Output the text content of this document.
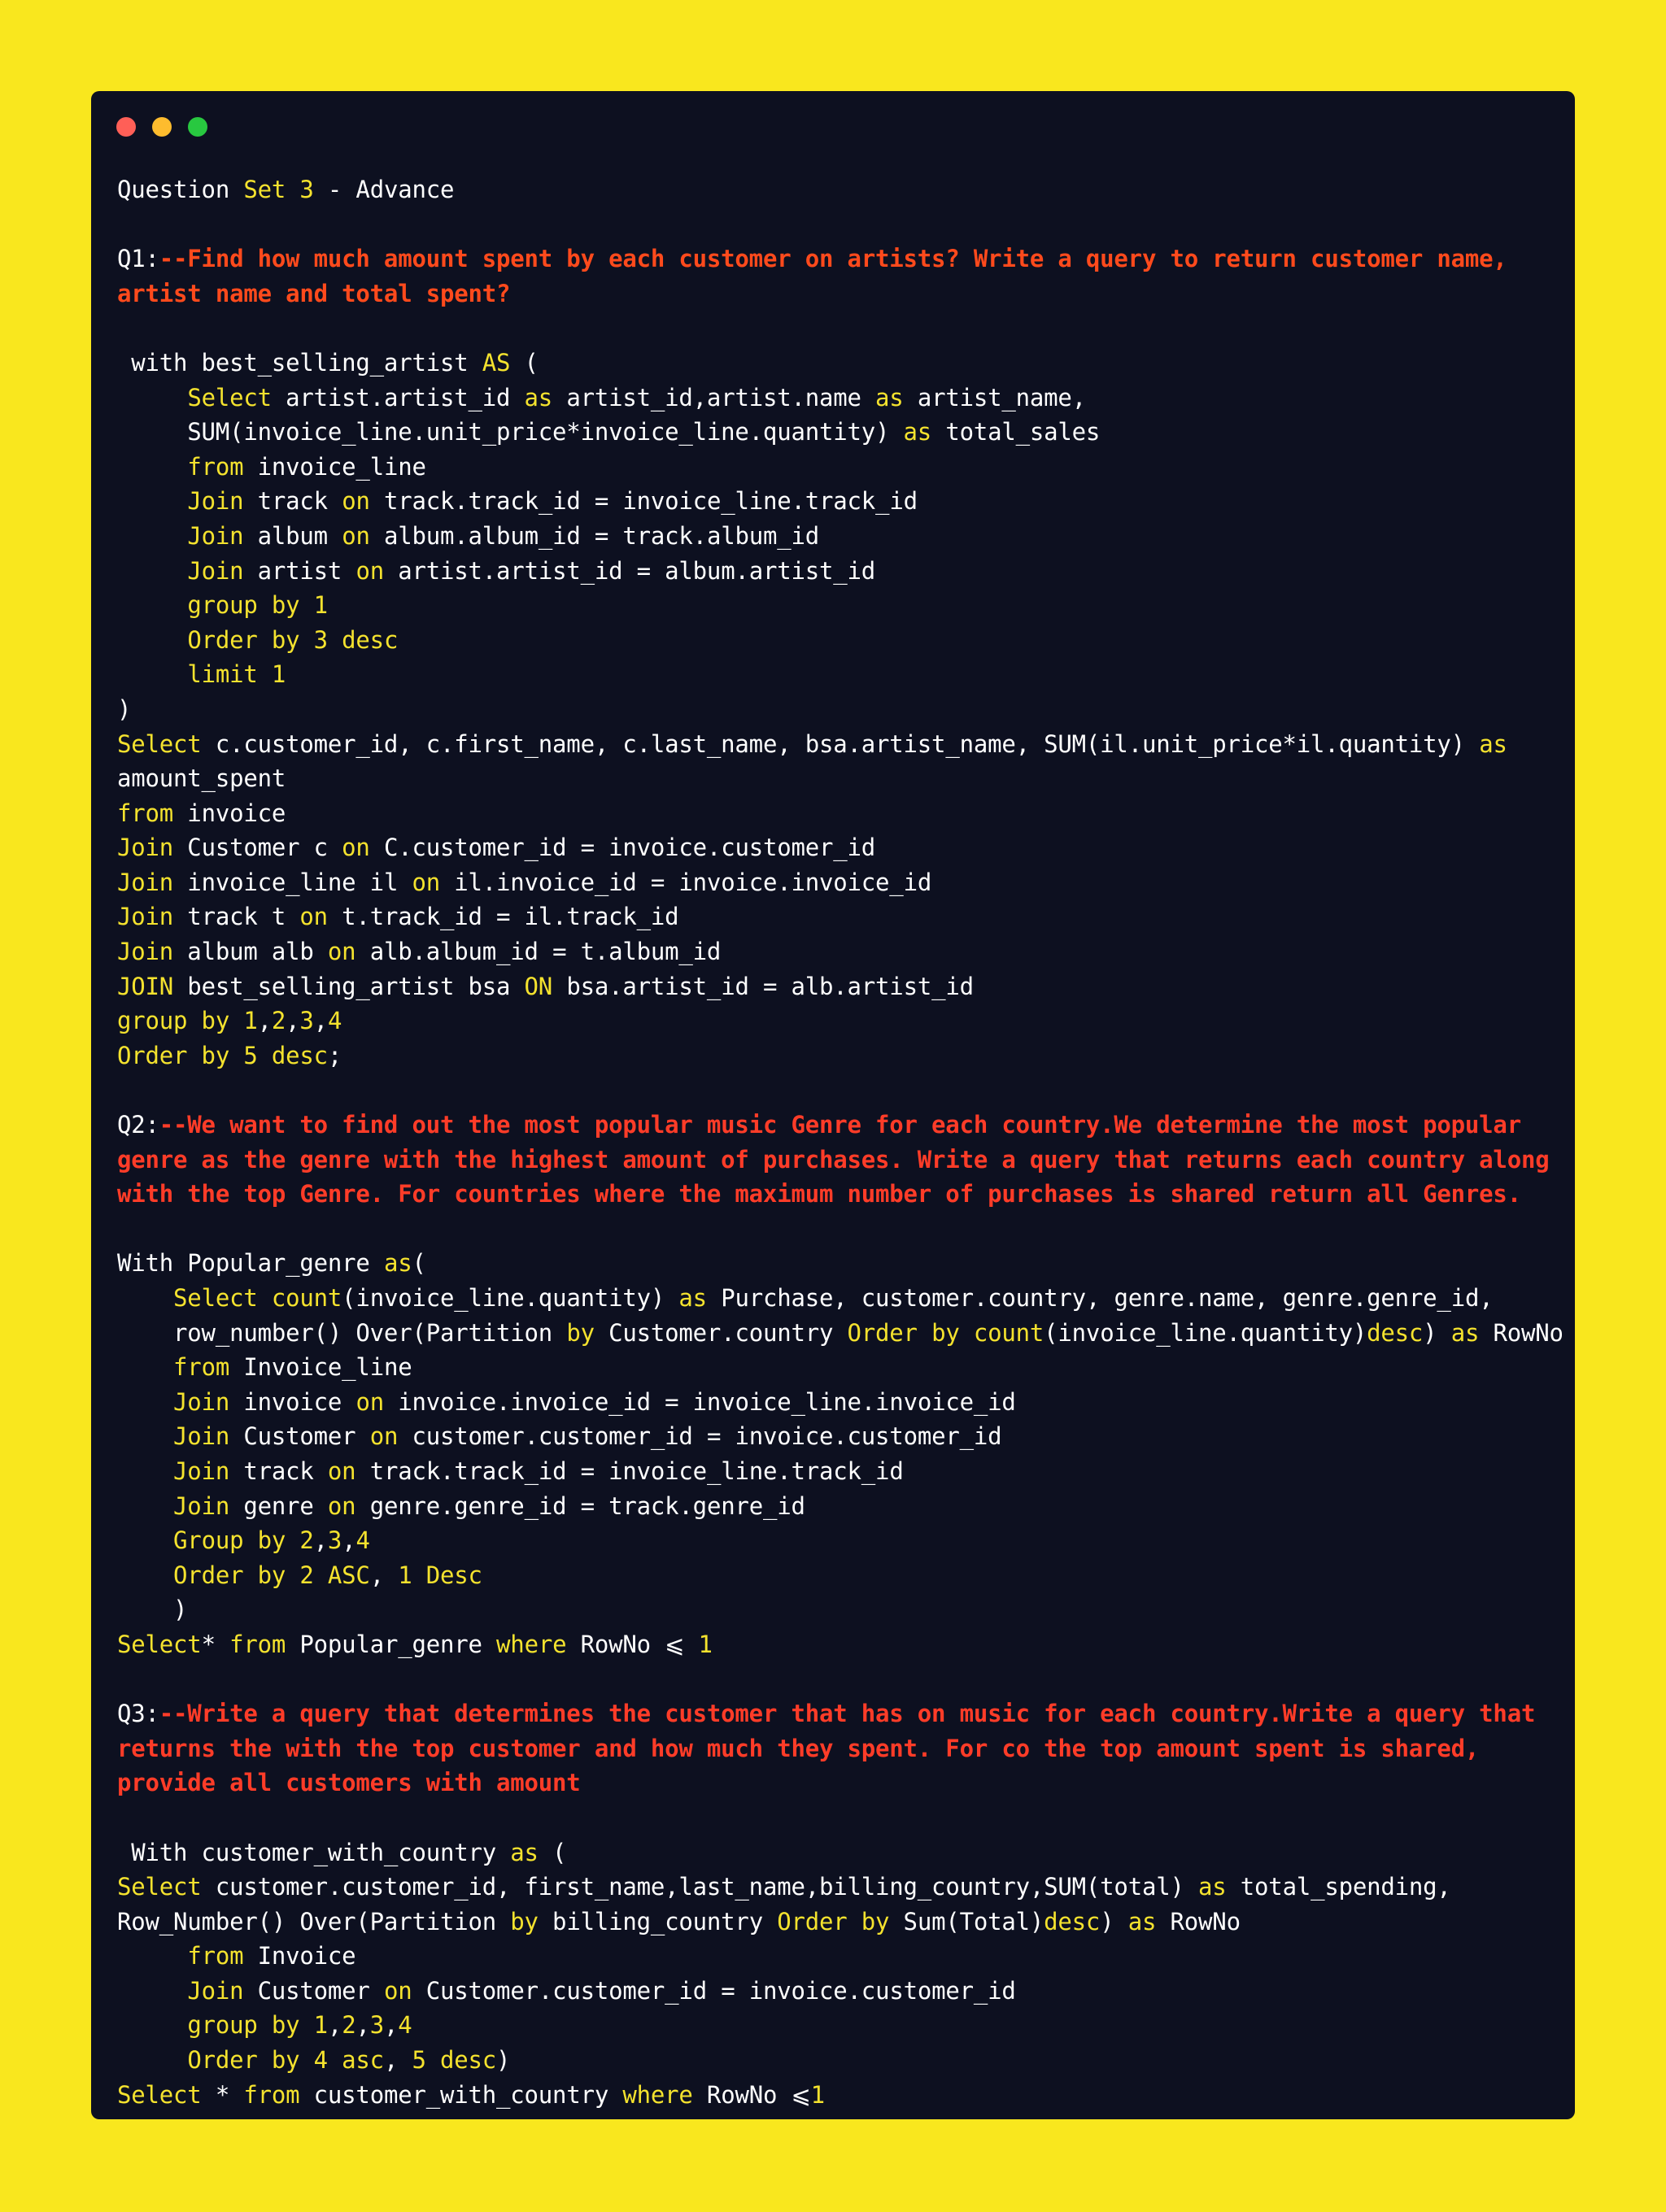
Question Set 3 - Advance

Q1:--Find how much amount spent by each customer on artists? Write a query to return customer name,
artist name and total spent?

with best_selling_artist AS (
Select artist.artist_id as artist_id,artist.name as artist_name,
SUM(invoice_line.unit_price*invoice_line.quantity) as total_sales
from invoice_line
Join track on track.track_id = invoice_line.track_id
Join album on album.album_id = track.album_id
Join artist on artist.artist_id = album.artist_id
group by 1
Order by 3 desc
limit 1
)
Select c.customer_id, c.first_name, c.last_name, bsa.artist_name, SUM(il.unit_price*il.quantity) as
amount_spent
from invoice
Join Customer c on C.customer_id = invoice.customer_id
Join invoice_line il on il.invoice_id = invoice.invoice_id
Join track t on t.track_id = il.track_id
Join album alb on alb.album_id = t.album_id
JOIN best_selling_artist bsa ON bsa.artist_id = alb.artist_id
group by 1,2,3,4
Order by 5 desc;

Q2:--We want to find out the most popular music Genre for each country.We determine the most popular
genre as the genre with the highest amount of purchases. Write a query that returns each country along
with the top Genre. For countries where the maximum number of purchases is shared return all Genres.

With Popular_genre as(
Select count(invoice_line.quantity) as Purchase, customer.country, genre.name, genre.genre_id,
row_number() Over(Partition by Customer.country Order by count(invoice_line.quantity)desc) as RowNo
from Invoice_line
Join invoice on invoice.invoice_id = invoice_line.invoice_id
Join Customer on customer.customer_id = invoice.customer_id
Join track on track.track_id = invoice_line.track_id
Join genre on genre.genre_id = track.genre_id
Group by 2,3,4
Order by 2 ASC, 1 Desc
)
Select* from Popular_genre where RowNo ⩽ 1

Q3:--Write a query that determines the customer that has on music for each country.Write a query that
returns the with the top customer and how much they spent. For co the top amount spent is shared,
provide all customers with amount

With customer_with_country as (
Select customer.customer_id, first_name,last_name,billing_country,SUM(total) as total_spending,
Row_Number() Over(Partition by billing_country Order by Sum(Total)desc) as RowNo
from Invoice
Join Customer on Customer.customer_id = invoice.customer_id
group by 1,2,3,4
Order by 4 asc, 5 desc)
Select * from customer_with_country where RowNo ⩽1
